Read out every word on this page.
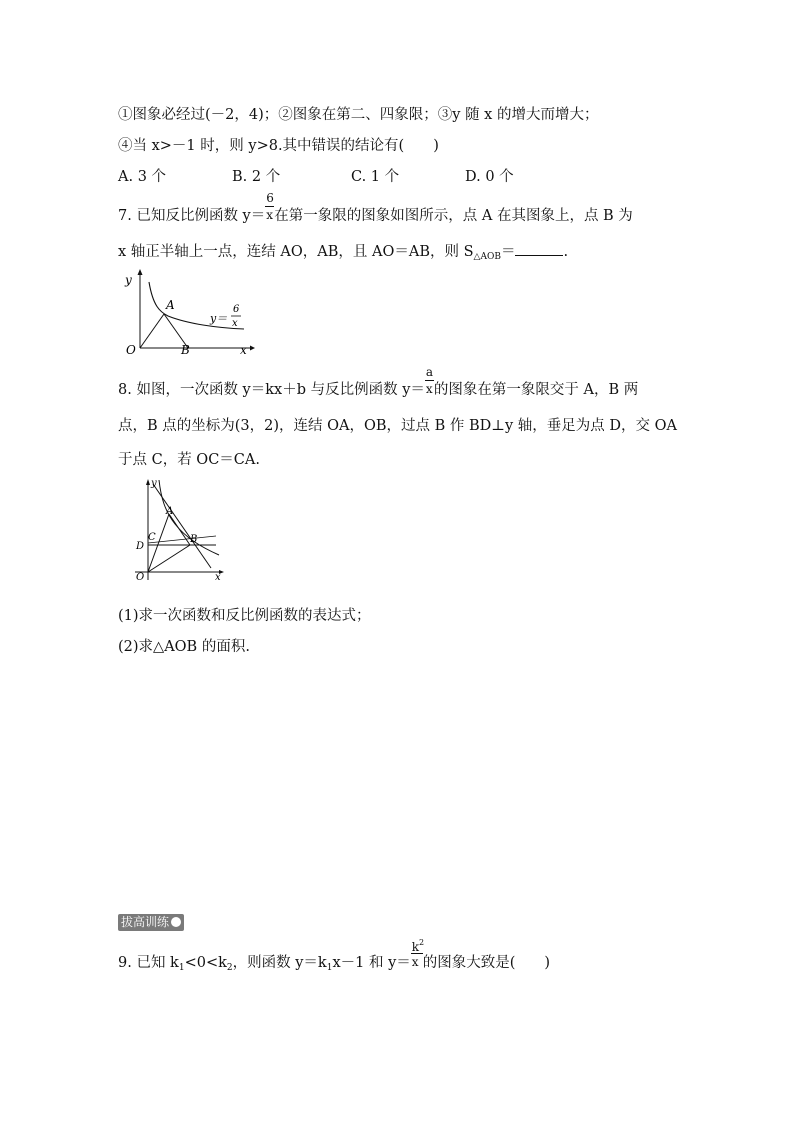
①图象必经过(－2，4)；②图象在第二、四象限；③y 随 x 的增大而增大；
④当 x>－1 时，则 y>8.其中错误的结论有(　　)
A. 3 个	B. 2 个	C. 1 个	D. 0 个
7. 已知反比例函数 $y= \frac{6}{x}$ 在第一象限的图象如图所示，点 A 在其图象上，点 B 为
x 轴正半轴上一点，连结 AO，AB，且 AO＝AB，则 $S_{\triangle AOB}=$	.
y
O
A
B	x
y＝
6
x
8. 如图，一次函数 y＝kx＋b 与反比例函数 $y= \frac{a}{x}$ 的图象在第一象限交于 A，B 两
点，B 点的坐标为(3，2)，连结 OA，OB，过点 B 作 BD⊥y 轴，垂足为点 D，交 OA
于点 C，若 OC＝CA.
y
O
A
B
C
D
x
(1)求一次函数和反比例函数的表达式；
(2)求△AOB 的面积.
拔高训练
9. 已知 $k_1<0<k_2$，则函数 $y=k_1x-1$ 和 $y= \frac{k^2}{x}$ 的图象大致是(　　)
